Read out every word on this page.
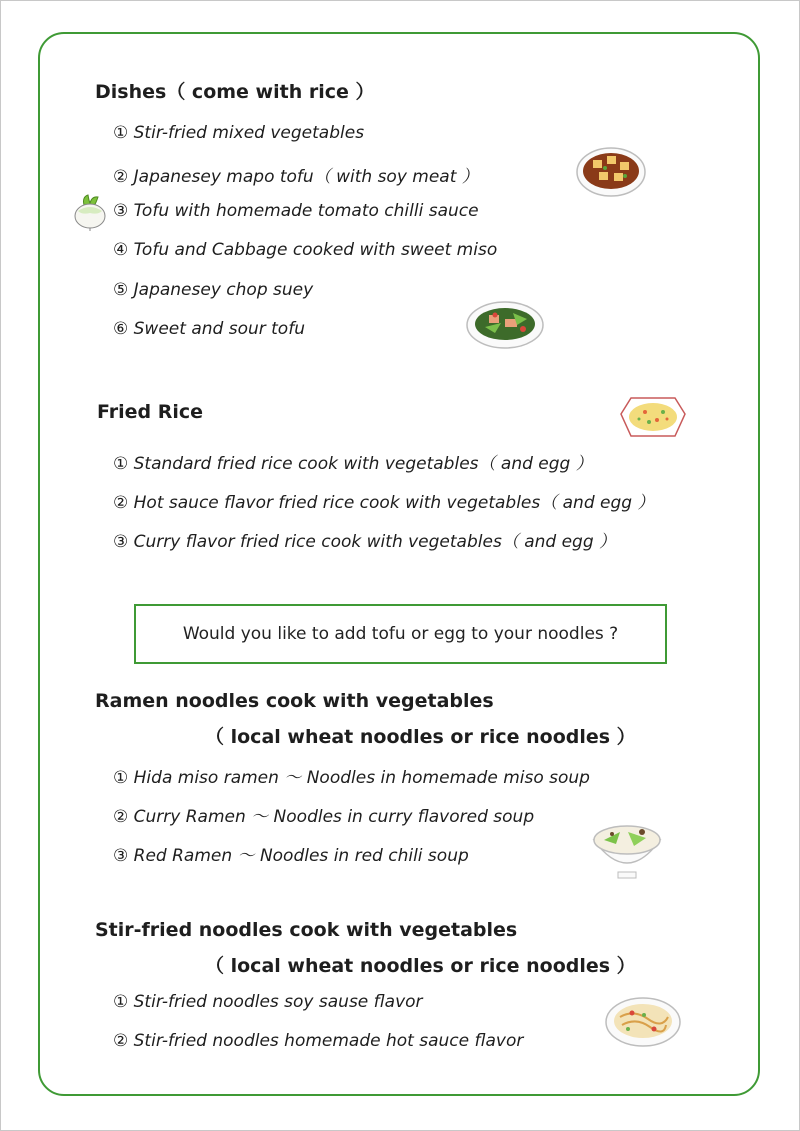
Dishes（ come with rice ）
① Stir-fried mixed vegetables
② Japanesey mapo tofu（ with soy meat ）
③ Tofu with homemade tomato chilli sauce
④ Tofu and Cabbage cooked with sweet miso
⑤ Japanesey chop suey
⑥ Sweet and sour tofu
Fried Rice
① Standard fried rice cook with vegetables（ and egg ）
② Hot sauce flavor fried rice cook with vegetables（ and egg ）
③ Curry flavor fried rice cook with vegetables（ and egg ）
Would you like to add tofu or egg to your noodles ?
Ramen noodles cook with vegetables
（ local wheat noodles or rice noodles ）
① Hida miso ramen ～ Noodles in homemade miso soup
② Curry Ramen ～ Noodles in curry flavored soup
③ Red Ramen ～ Noodles in red chili soup
Stir-fried noodles cook with vegetables
（ local wheat noodles or rice noodles ）
① Stir-fried noodles soy sause flavor
② Stir-fried noodles homemade hot sauce flavor
